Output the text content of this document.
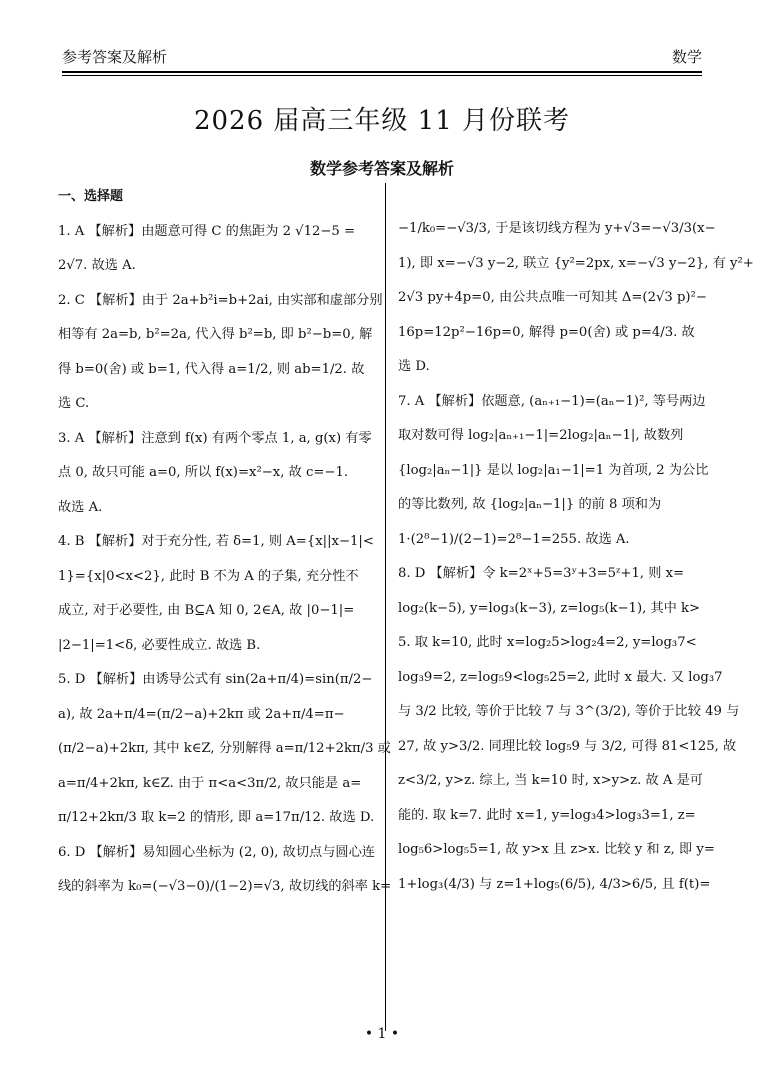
参考答案及解析	数学
2026 届高三年级 11 月份联考
数学参考答案及解析
一、选择题
1. A 【解析】由题意可得 C 的焦距为 2 √12−5 =
2√7. 故选 A.
2. C 【解析】由于 2a+b²i=b+2ai, 由实部和虚部分别
相等有 2a=b, b²=2a, 代入得 b²=b, 即 b²−b=0, 解
得 b=0(舍) 或 b=1, 代入得 a=1/2, 则 ab=1/2. 故
选 C.
3. A 【解析】注意到 f(x) 有两个零点 1, a, g(x) 有零
点 0, 故只可能 a=0, 所以 f(x)=x²−x, 故 c=−1.
故选 A.
4. B 【解析】对于充分性, 若 δ=1, 则 A={x||x−1|<
1}={x|0<x<2}, 此时 B 不为 A 的子集, 充分性不
成立, 对于必要性, 由 B⊆A 知 0, 2∈A, 故 |0−1|=
|2−1|=1<δ, 必要性成立. 故选 B.
5. D 【解析】由诱导公式有 sin(2a+π/4)=sin(π/2−
a), 故 2a+π/4=(π/2−a)+2kπ 或 2a+π/4=π−
(π/2−a)+2kπ, 其中 k∈Z, 分别解得 a=π/12+2kπ/3 或
a=π/4+2kπ, k∈Z. 由于 π<a<3π/2, 故只能是 a=
π/12+2kπ/3 取 k=2 的情形, 即 a=17π/12. 故选 D.
6. D 【解析】易知圆心坐标为 (2, 0), 故切点与圆心连
线的斜率为 k₀=(−√3−0)/(1−2)=√3, 故切线的斜率 k=
−1/k₀=−√3/3, 于是该切线方程为 y+√3=−√3/3(x−
1), 即 x=−√3 y−2, 联立 {y²=2px, x=−√3 y−2}, 有 y²+
2√3 py+4p=0, 由公共点唯一可知其 Δ=(2√3 p)²−
16p=12p²−16p=0, 解得 p=0(舍) 或 p=4/3. 故
选 D.
7. A 【解析】依题意, (aₙ₊₁−1)=(aₙ−1)², 等号两边
取对数可得 log₂|aₙ₊₁−1|=2log₂|aₙ−1|, 故数列
{log₂|aₙ−1|} 是以 log₂|a₁−1|=1 为首项, 2 为公比
的等比数列, 故 {log₂|aₙ−1|} 的前 8 项和为
1·(2⁸−1)/(2−1)=2⁸−1=255. 故选 A.
8. D 【解析】令 k=2ˣ+5=3ʸ+3=5ᶻ+1, 则 x=
log₂(k−5), y=log₃(k−3), z=log₅(k−1), 其中 k>
5. 取 k=10, 此时 x=log₂5>log₂4=2, y=log₃7<
log₃9=2, z=log₅9<log₅25=2, 此时 x 最大. 又 log₃7
与 3/2 比较, 等价于比较 7 与 3^(3/2), 等价于比较 49 与
27, 故 y>3/2. 同理比较 log₅9 与 3/2, 可得 81<125, 故
z<3/2, y>z. 综上, 当 k=10 时, x>y>z. 故 A 是可
能的. 取 k=7. 此时 x=1, y=log₃4>log₃3=1, z=
log₅6>log₅5=1, 故 y>x 且 z>x. 比较 y 和 z, 即 y=
1+log₃(4/3) 与 z=1+log₅(6/5), 4/3>6/5, 且 f(t)=
• 1 •
